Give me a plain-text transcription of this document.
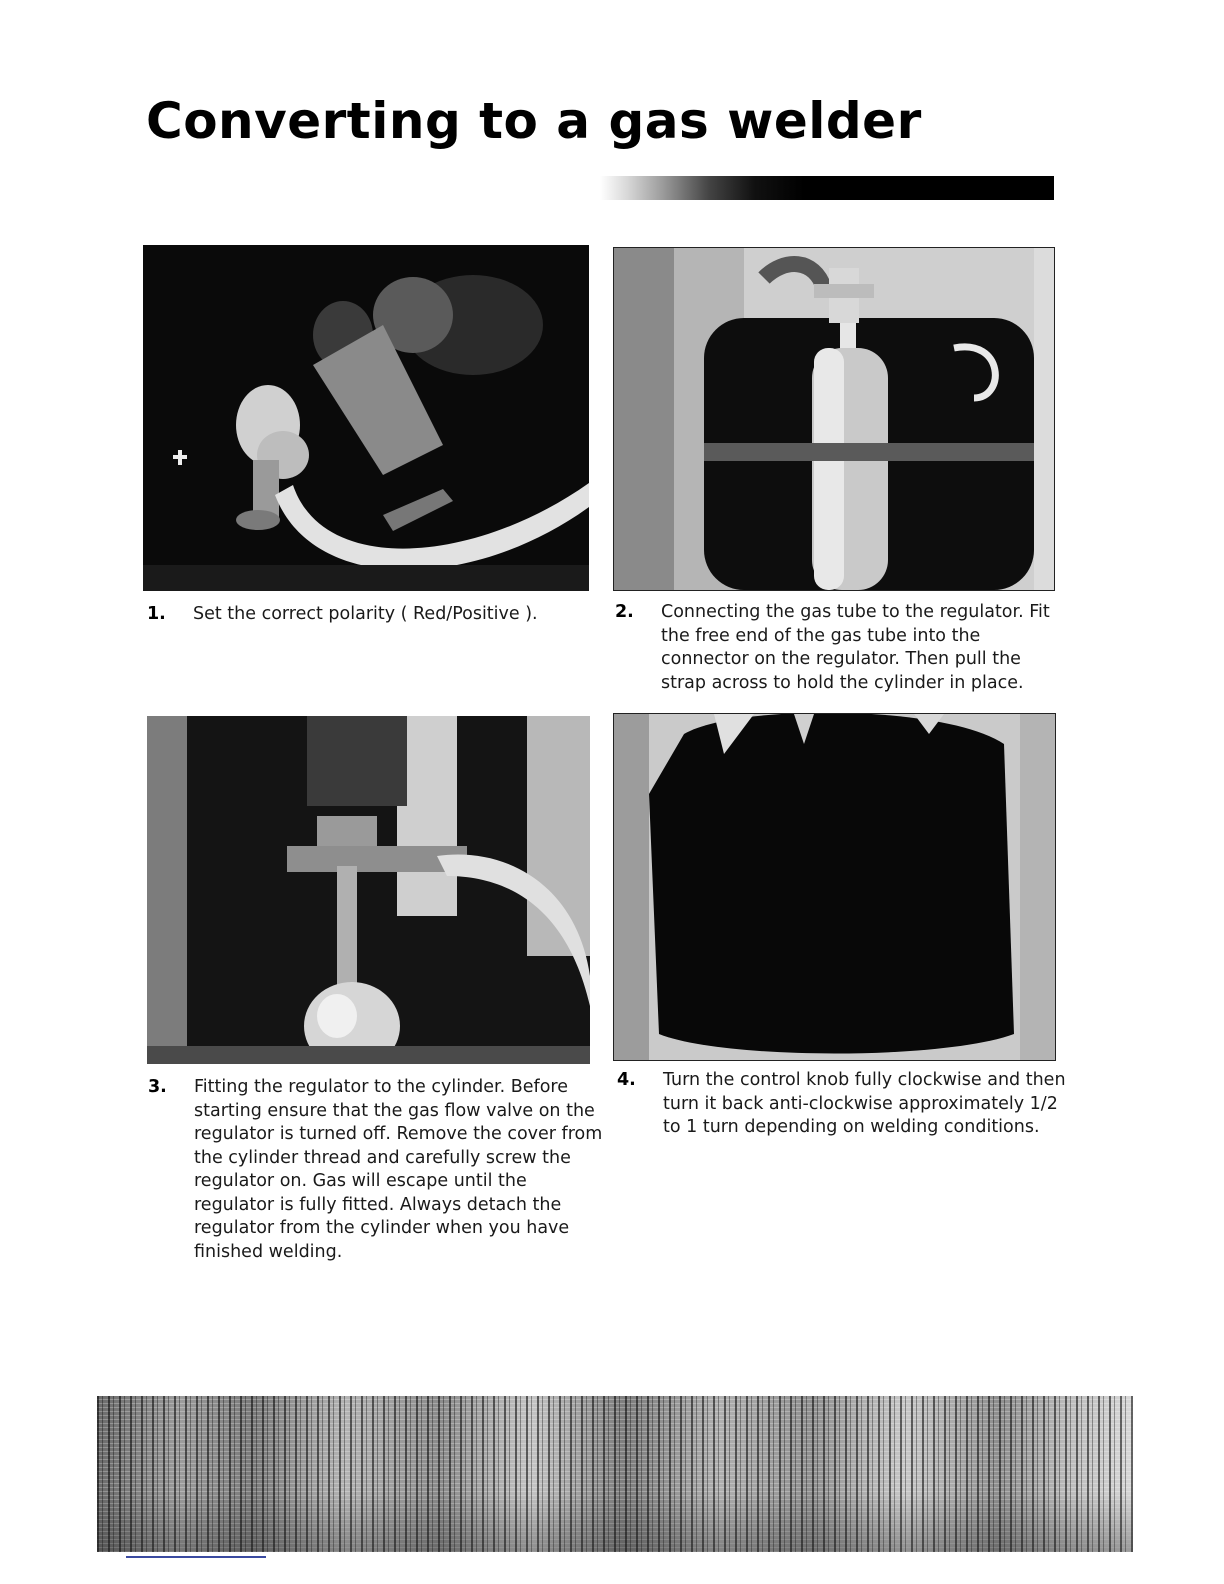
Converting to a gas welder
1. Set the correct polarity ( Red/Positive ).	2. Connecting the gas tube to the regulator. Fit the free end of the gas tube into the connector on the regulator. Then pull the strap across to hold the cylinder in place.

3. Fitting the regulator to the cylinder. Before starting ensure that the gas flow valve on the regulator is turned off. Remove the cover from the cylinder thread and carefully screw the regulator on. Gas will escape until the regulator is fully fitted. Always detach the regulator from the cylinder when you have finished welding.

4. Turn the control knob fully clockwise and then turn it back anti-clockwise approximately 1/2 to 1 turn depending on welding conditions.
